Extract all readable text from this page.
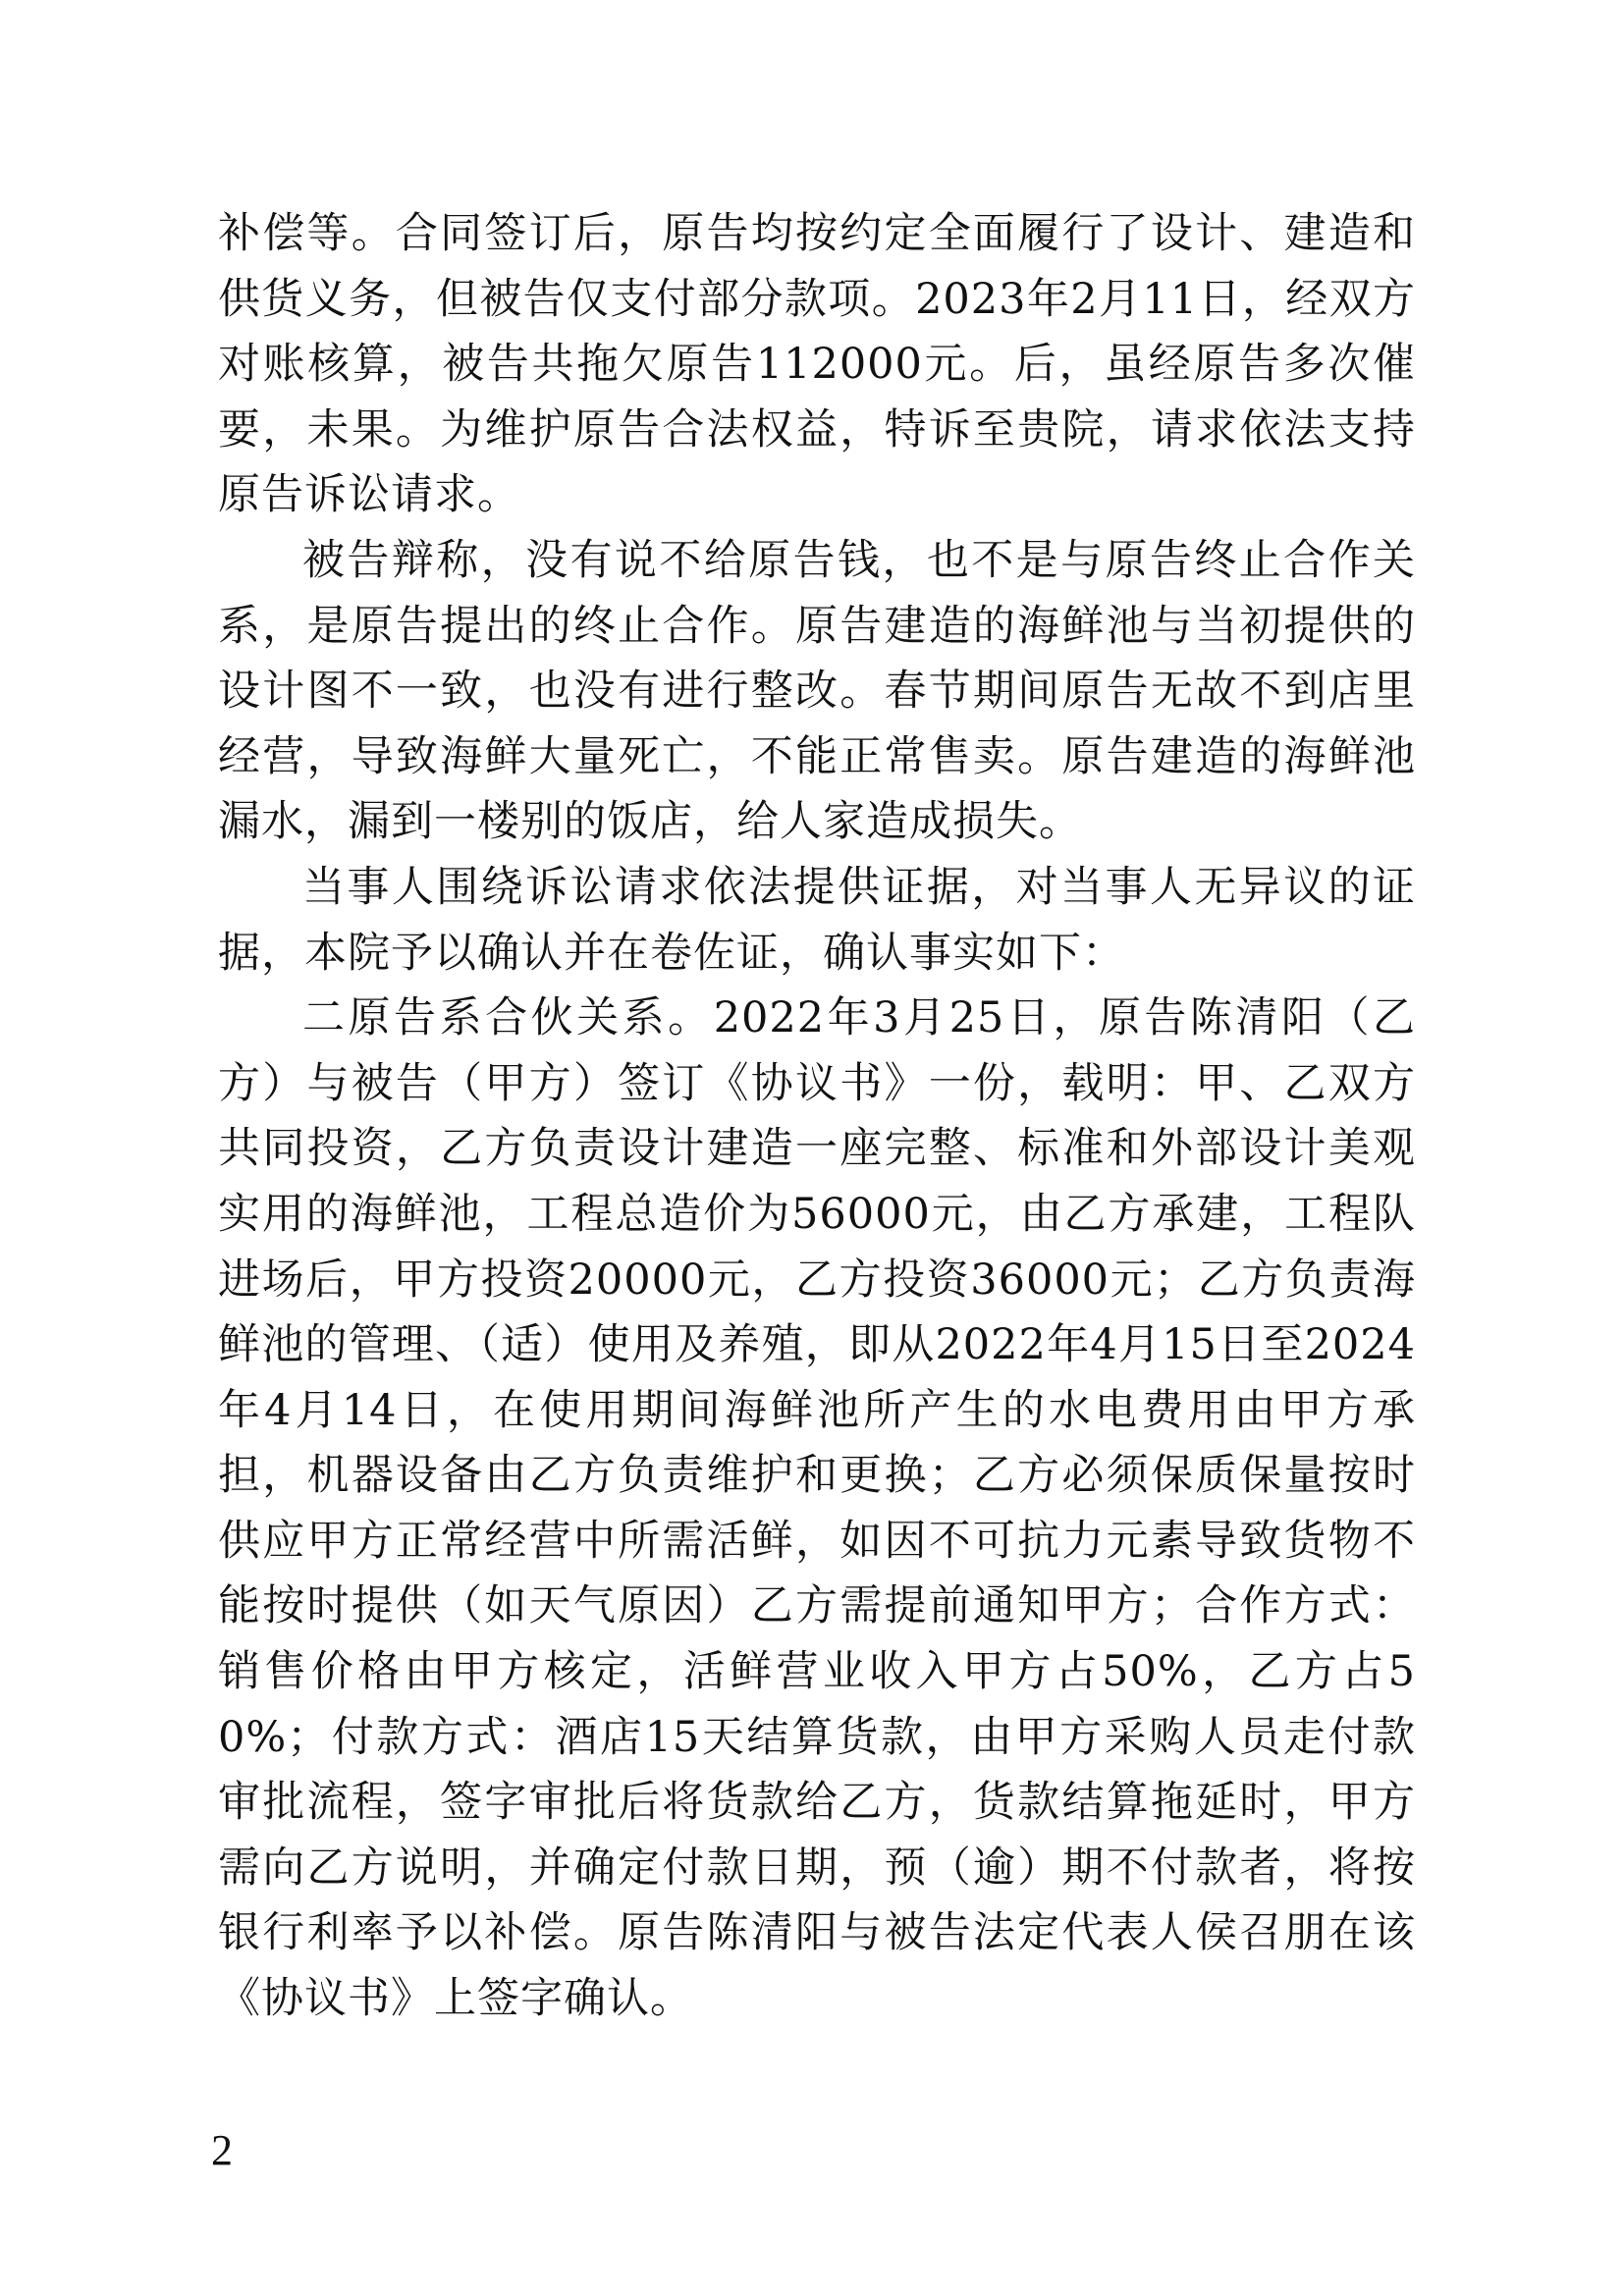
补偿等。合同签订后，原告均按约定全面履行了设计、建造和供货义务，但被告仅支付部分款项。2023年2月11日，经双方对账核算，被告共拖欠原告112000元。后，虽经原告多次催要，未果。为维护原告合法权益，特诉至贵院，请求依法支持原告诉讼请求。

被告辩称，没有说不给原告钱，也不是与原告终止合作关系，是原告提出的终止合作。原告建造的海鲜池与当初提供的设计图不一致，也没有进行整改。春节期间原告无故不到店里经营，导致海鲜大量死亡，不能正常售卖。原告建造的海鲜池漏水，漏到一楼别的饭店，给人家造成损失。

当事人围绕诉讼请求依法提供证据，对当事人无异议的证据，本院予以确认并在卷佐证，确认事实如下：

二原告系合伙关系。2022年3月25日，原告陈清阳（乙方）与被告（甲方）签订《协议书》一份，载明：甲、乙双方共同投资，乙方负责设计建造一座完整、标准和外部设计美观实用的海鲜池，工程总造价为56000元，由乙方承建，工程队进场后，甲方投资20000元，乙方投资36000元；乙方负责海鲜池的管理、（适）使用及养殖，即从2022年4月15日至2024年4月14日，在使用期间海鲜池所产生的水电费用由甲方承担，机器设备由乙方负责维护和更换；乙方必须保质保量按时供应甲方正常经营中所需活鲜，如因不可抗力元素导致货物不能按时提供（如天气原因）乙方需提前通知甲方；合作方式：销售价格由甲方核定，活鲜营业收入甲方占50%，乙方占50%；付款方式：酒店15天结算货款，由甲方采购人员走付款审批流程，签字审批后将货款给乙方，货款结算拖延时，甲方需向乙方说明，并确定付款日期，预（逾）期不付款者，将按银行利率予以补偿。原告陈清阳与被告法定代表人侯召朋在该《协议书》上签字确认。

2
